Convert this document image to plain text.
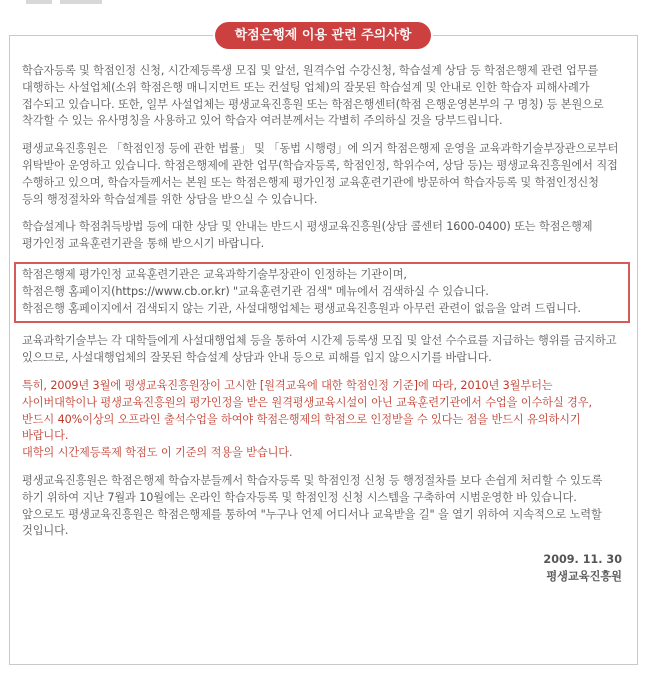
학점은행제 이용 관련 주의사항

학습자등록 및 학점인정 신청, 시간제등록생 모집 및 알선, 원격수업 수강신청, 학습설계 상담 등 학점은행제 관련 업무를 대행하는 사설업체(소위 학점은행 매니지먼트 또는 컨설팅 업체)의 잘못된 학습설계 및 안내로 인한 학습자 피해사례가 접수되고 있습니다. 또한, 일부 사설업체는 평생교육진흥원 또는 학점은행센터(학점 은행운영본부의 구 명칭) 등 본원으로 착각할 수 있는 유사명칭을 사용하고 있어 학습자 여러분께서는 각별히 주의하실 것을 당부드립니다.

평생교육진흥원은 「학점인정 등에 관한 법률」 및 「동법 시행령」에 의거 학점은행제 운영을 교육과학기술부장관으로부터 위탁받아 운영하고 있습니다. 학점은행제에 관한 업무(학습자등록, 학점인정, 학위수여, 상담 등)는 평생교육진흥원에서 직접 수행하고 있으며, 학습자들께서는 본원 또는 학점은행제 평가인정 교육훈련기관에 방문하여 학습자등록 및 학점인정신청 등의 행정절차와 학습설계를 위한 상담을 받으실 수 있습니다.

학습설계나 학점취득방법 등에 대한 상담 및 안내는 반드시 평생교육진흥원(상담 콜센터 1600-0400) 또는 학점은행제 평가인정 교육훈련기관을 통해 받으시기 바랍니다.

학점은행제 평가인정 교육훈련기관은 교육과학기술부장관이 인정하는 기관이며,

학점은행 홈페이지(https://www.cb.or.kr) "교육훈련기관 검색" 메뉴에서 검색하실 수 있습니다.

학점은행 홈페이지에서 검색되지 않는 기관, 사설대행업체는 평생교육진흥원과 아무런 관련이 없음을 알려 드립니다.

교육과학기술부는 각 대학들에게 사설대행업체 등을 통하여 시간제 등록생 모집 및 알선 수수료를 지급하는 행위를 금지하고 있으므로, 사설대행업체의 잘못된 학습설계 상담과 안내 등으로 피해를 입지 않으시기를 바랍니다.

특히, 2009년 3월에 평생교육진흥원장이 고시한 [원격교육에 대한 학점인정 기준]에 따라, 2010년 3월부터는 사이버대학이나 평생교육진흥원의 평가인정을 받은 원격평생교육시설이 아닌 교육훈련기관에서 수업을 이수하실 경우, 반드시 40%이상의 오프라인 출석수업을 하여야 학점은행제의 학점으로 인정받을 수 있다는 점을 반드시 유의하시기 바랍니다.

대학의 시간제등록제 학점도 이 기준의 적용을 받습니다.

평생교육진흥원은 학점은행제 학습자분들께서 학습자등록 및 학점인정 신청 등 행정절차를 보다 손쉽게 처리할 수 있도록 하기 위하여 지난 7월과 10월에는 온라인 학습자등록 및 학점인정 신청 시스템을 구축하여 시범운영한 바 있습니다. 앞으로도 평생교육진흥원은 학점은행제를 통하여 "누구나 언제 어디서나 교육받을 길" 을 열기 위하여 지속적으로 노력할 것입니다.

2009. 11. 30
평생교육진흥원
